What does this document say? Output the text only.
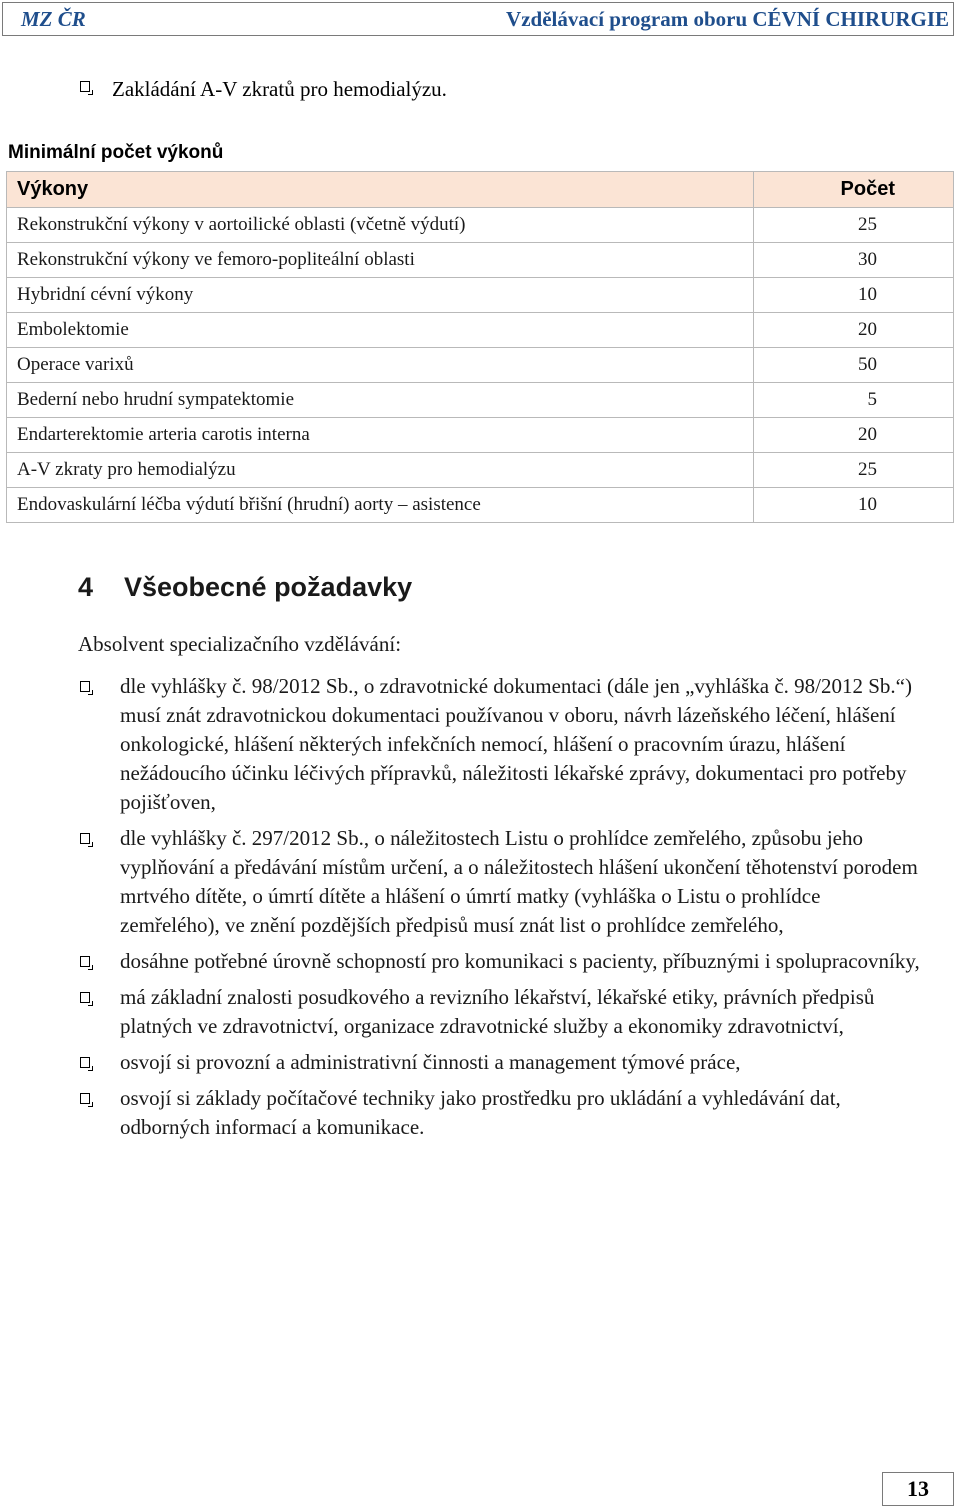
MZ ČR	Vzdělávací program oboru CÉVNÍ CHIRURGIE
Zakládání A-V zkratů pro hemodialýzu.
Minimální počet výkonů
Výkony	Počet
Rekonstrukční výkony v aortoilické oblasti (včetně výdutí)	25
Rekonstrukční výkony ve femoro-popliteální oblasti	30
Hybridní cévní výkony	10
Embolektomie	20
Operace varixů	50
Bederní nebo hrudní sympatektomie	5
Endarterektomie arteria carotis interna	20
A-V zkraty pro hemodialýzu	25
Endovaskulární léčba výdutí břišní (hrudní) aorty – asistence	10
4 Všeobecné požadavky
Absolvent specializačního vzdělávání:
dle vyhlášky č. 98/2012 Sb., o zdravotnické dokumentaci (dále jen „vyhláška č. 98/2012 Sb.“) musí znát zdravotnickou dokumentaci používanou v oboru, návrh lázeňského léčení, hlášení onkologické, hlášení některých infekčních nemocí, hlášení o pracovním úrazu, hlášení nežádoucího účinku léčivých přípravků, náležitosti lékařské zprávy, dokumentaci pro potřeby pojišťoven,
dle vyhlášky č. 297/2012 Sb., o náležitostech Listu o prohlídce zemřelého, způsobu jeho vyplňování a předávání místům určení, a o náležitostech hlášení ukončení těhotenství porodem mrtvého dítěte, o úmrtí dítěte a hlášení o úmrtí matky (vyhláška o Listu o prohlídce zemřelého), ve znění pozdějších předpisů musí znát list o prohlídce zemřelého,
dosáhne potřebné úrovně schopností pro komunikaci s pacienty, příbuznými i spolupracovníky,
má základní znalosti posudkového a revizního lékařství, lékařské etiky, právních předpisů platných ve zdravotnictví, organizace zdravotnické služby a ekonomiky zdravotnictví,
osvojí si provozní a administrativní činnosti a management týmové práce,
osvojí si základy počítačové techniky jako prostředku pro ukládání a vyhledávání dat, odborných informací a komunikace.
13
